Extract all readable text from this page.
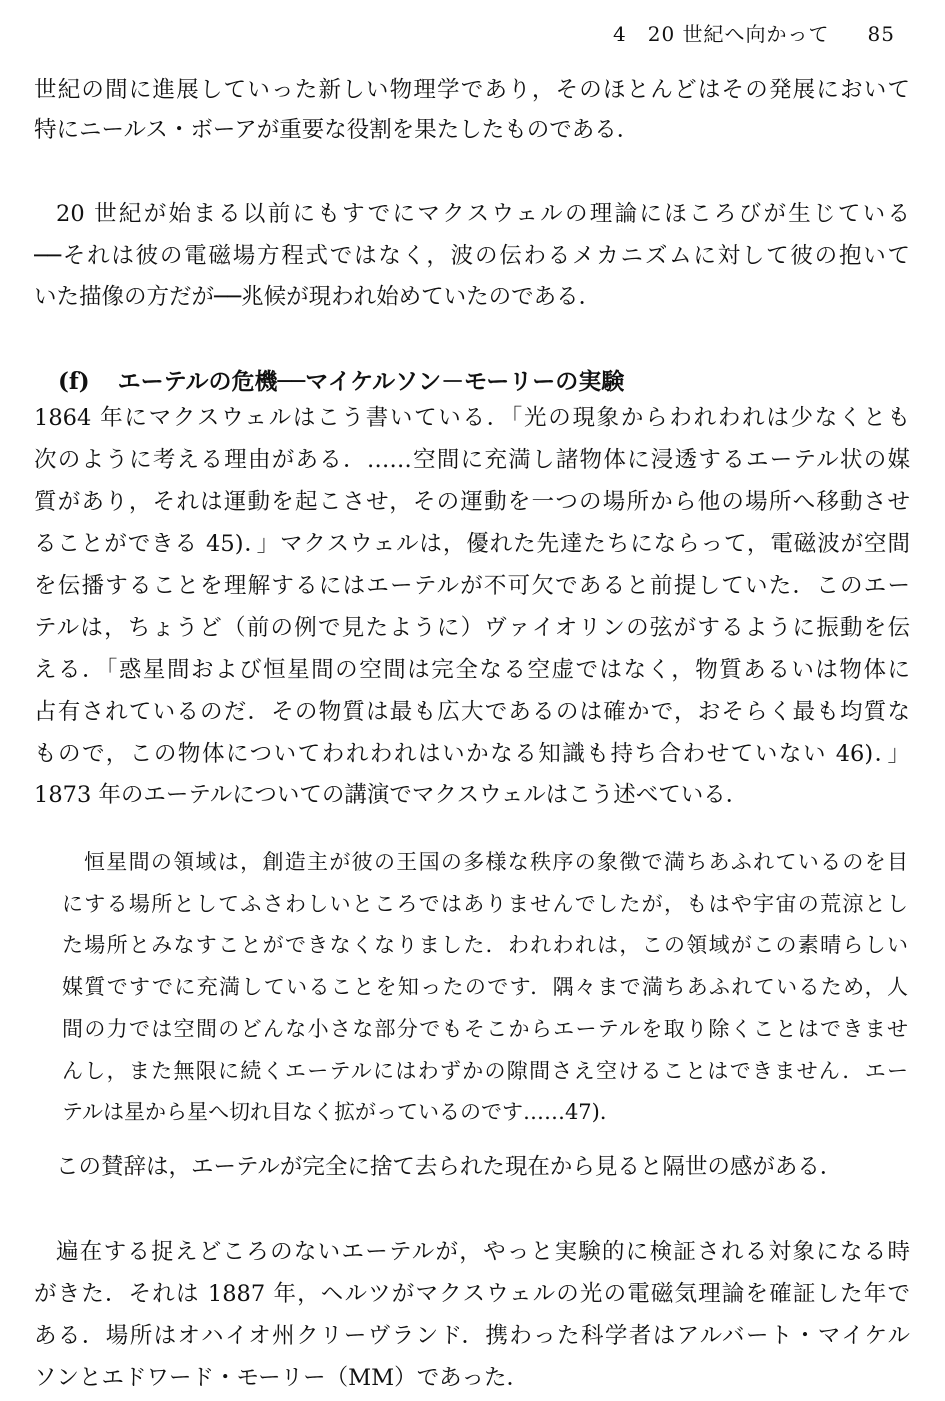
4　20 世紀へ向かって 85
世紀の間に進展していった新しい物理学であり，そのほとんどはその発展において
特にニールス・ボーアが重要な役割を果たしたものである．
20 世紀が始まる以前にもすでにマクスウェルの理論にほころびが生じている
──それは彼の電磁場方程式ではなく，波の伝わるメカニズムに対して彼の抱いて
いた描像の方だが──兆候が現われ始めていたのである．
(f) エーテルの危機──マイケルソン－モーリーの実験
1864 年にマクスウェルはこう書いている．「光の現象からわれわれは少なくとも
次のように考える理由がある．……空間に充満し諸物体に浸透するエーテル状の媒
質があり，それは運動を起こさせ，その運動を一つの場所から他の場所へ移動させ
ることができる 45)．」マクスウェルは，優れた先達たちにならって，電磁波が空間
を伝播することを理解するにはエーテルが不可欠であると前提していた．このエー
テルは，ちょうど（前の例で見たように）ヴァイオリンの弦がするように振動を伝
える．「惑星間および恒星間の空間は完全なる空虚ではなく，物質あるいは物体に
占有されているのだ．その物質は最も広大であるのは確かで，おそらく最も均質な
もので，この物体についてわれわれはいかなる知識も持ち合わせていない 46)．」
1873 年のエーテルについての講演でマクスウェルはこう述べている．
恒星間の領域は，創造主が彼の王国の多様な秩序の象徴で満ちあふれているのを目
にする場所としてふさわしいところではありませんでしたが，もはや宇宙の荒涼とし
た場所とみなすことができなくなりました．われわれは，この領域がこの素晴らしい
媒質ですでに充満していることを知ったのです．隅々まで満ちあふれているため，人
間の力では空間のどんな小さな部分でもそこからエーテルを取り除くことはできませ
んし，また無限に続くエーテルにはわずかの隙間さえ空けることはできません．エー
テルは星から星へ切れ目なく拡がっているのです……47)．
この賛辞は，エーテルが完全に捨て去られた現在から見ると隔世の感がある．
遍在する捉えどころのないエーテルが，やっと実験的に検証される対象になる時
がきた．それは 1887 年，ヘルツがマクスウェルの光の電磁気理論を確証した年で
ある．場所はオハイオ州クリーヴランド．携わった科学者はアルバート・マイケル
ソンとエドワード・モーリー（MM）であった．
